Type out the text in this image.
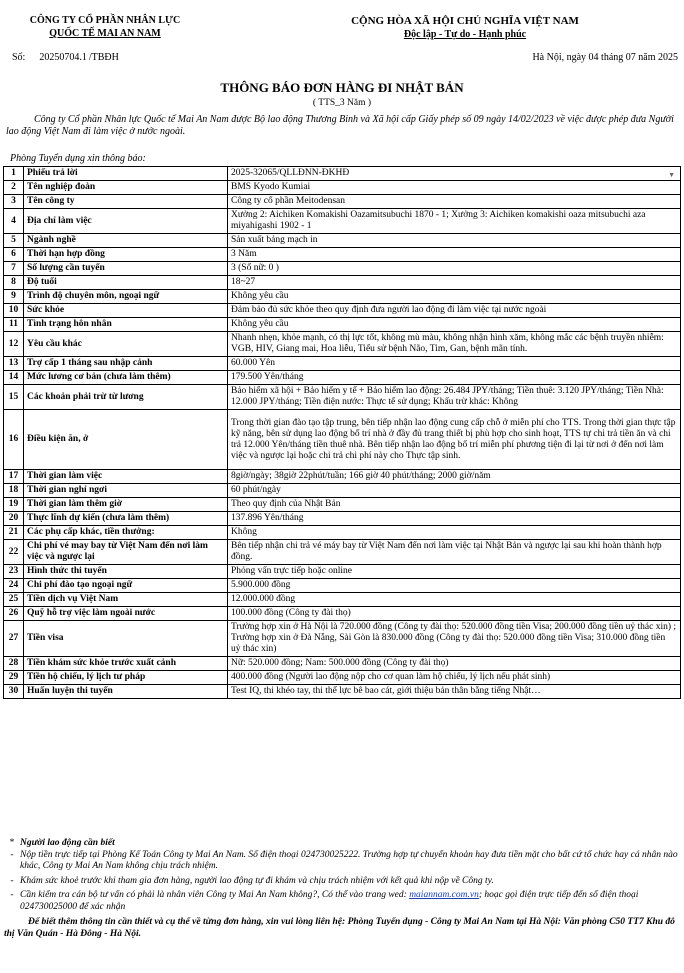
CÔNG TY CỔ PHẦN NHÂN LỰC
QUỐC TẾ MAI AN NAM
CỘNG HÒA XÃ HỘI CHỦ NGHĨA VIỆT NAM
Độc lập - Tự do - Hạnh phúc
Số: 20250704.1 /TBĐH	Hà Nội, ngày 04 tháng 07 năm 2025
THÔNG BÁO ĐƠN HÀNG ĐI NHẬT BẢN
( TTS_3 Năm )
Công ty Cổ phần Nhân lực Quốc tế Mai An Nam được Bộ lao động Thương Binh và Xã hội cấp Giấy phép số 09 ngày 14/02/2023 về việc được phép đưa Người lao động Việt Nam đi làm việc ở nước ngoài.
Phòng Tuyển dụng xin thông báo:
1	Phiếu trả lời	2025-32065/QLLĐNN-ĐKHĐ ▼

2	Tên nghiệp đoàn	BMS Kyodo Kumiai
3	Tên công ty	Công ty cổ phần Meitodensan
4	Địa chỉ làm việc	Xưởng 2: Aichiken Komakishi Oazamitsubuchi 1870 - 1; Xưởng 3: Aichiken komakishi oaza mitsubuchi aza miyahigashi 1902 - 1
5	Ngành nghề	Sản xuất bảng mạch in
6	Thời hạn hợp đồng	3 Năm
7	Số lượng cần tuyển	3 (Số nữ: 0 )
8	Độ tuổi	18~27
9	Trình độ chuyên môn, ngoại ngữ	Không yêu cầu
10	Sức khỏe	Đảm bảo đủ sức khỏe theo quy định đưa người lao động đi làm việc tại nước ngoài
11	Tình trạng hôn nhân	Không yêu cầu
12	Yêu cầu khác	Nhanh nhẹn, khỏe mạnh, có thị lực tốt, không mù màu, không nhận hình xăm, không mắc các bệnh truyền nhiễm: VGB, HIV, Giang mai, Hoa liễu, Tiểu sử bệnh Não, Tim, Gan, bệnh mãn tính.
13	Trợ cấp 1 tháng sau nhập cảnh	60.000 Yên
14	Mức lương cơ bản (chưa làm thêm)	179.500 Yên/tháng
15	Các khoản phải trừ từ lương	Bảo hiểm xã hội + Bảo hiểm y tế + Bảo hiểm lao động: 26.484 JPY/tháng; Tiền thuê: 3.120 JPY/tháng; Tiền Nhà: 12.000 JPY/tháng; Tiền điện nước: Thực tế sử dụng; Khấu trừ khác: Không
16	Điều kiện ăn, ở	Trong thời gian đào tạo tập trung, bên tiếp nhận lao động cung cấp chỗ ở miễn phí cho TTS. Trong thời gian thực tập kỹ năng, bên sử dụng lao động bố trí nhà ở đầy đủ trang thiết bị phù hợp cho sinh hoạt, TTS tự chi trả tiền ăn và chi trả 12.000 Yên/tháng tiền thuê nhà. Bên tiếp nhận lao động bố trí miễn phí phương tiện đi lại từ nơi ở đến nơi làm việc và ngược lại hoặc chi trả chi phí này cho Thực tập sinh.
17	Thời gian làm việc	8giờ/ngày; 38giờ 22phút/tuần; 166 giờ 40 phút/tháng; 2000 giờ/năm
18	Thời gian nghỉ ngơi	60 phút/ngày
19	Thời gian làm thêm giờ	Theo quy định của Nhật Bản
20	Thực lĩnh dự kiến (chưa làm thêm)	137.896 Yên/tháng
21	Các phụ cấp khác, tiền thưởng:	Không
22	Chi phí vé may bay từ Việt Nam đến nơi làm việc và ngược lại	Bên tiếp nhận chi trả vé máy bay từ Việt Nam đến nơi làm việc tại Nhật Bản và ngược lại sau khi hoàn thành hợp đồng.
23	Hình thức thi tuyển	Phỏng vấn trực tiếp hoặc online
24	Chi phí đào tạo ngoại ngữ	5.900.000 đồng
25	Tiền dịch vụ Việt Nam	12.000.000 đồng
26	Quỹ hỗ trợ việc làm ngoài nước	100.000 đồng (Công ty đài thọ)
27	Tiền visa	Trường hợp xin ở Hà Nội là 720.000 đồng (Công ty đài thọ: 520.000 đồng tiền Visa; 200.000 đồng tiền uỷ thác xin) ; Trường hợp xin ở Đà Nẵng, Sài Gòn là 830.000 đồng (Công ty đài thọ: 520.000 đồng tiền Visa; 310.000 đồng tiền uỷ thác xin)
28	Tiền khám sức khỏe trước xuất cảnh	Nữ: 520.000 đồng; Nam: 500.000 đồng (Công ty đài thọ)
29	Tiền hộ chiếu, lý lịch tư pháp	400.000 đồng (Người lao động nộp cho cơ quan làm hộ chiếu, lý lịch nếu phát sinh)
30	Huấn luyện thi tuyển	Test IQ, thi khéo tay, thi thể lực bê bao cát, giới thiệu bản thân bằng tiếng Nhật…
* Người lao động cần biết
- Nộp tiền trực tiếp tại Phòng Kế Toán Công ty Mai An Nam. Số điện thoại 024730025222. Trường hợp tự chuyển khoản hay đưa tiền mặt cho bất cứ tổ chức hay cá nhân nào khác, Công ty Mai An Nam không chịu trách nhiệm.
- Khám sức khoẻ trước khi tham gia đơn hàng, người lao động tự đi khám và chịu trách nhiệm với kết quả khi nộp về Công ty.
- Cần kiểm tra cán bộ tư vấn có phải là nhân viên Công ty Mai An Nam không?, Có thể vào trang wed: maiannam.com.vn; hoạc gọi điện trực tiếp đến số điện thoại 024730025000 để xác nhận
Để biết thêm thông tin cần thiết và cụ thể về từng đơn hàng, xin vui lòng liên hệ: Phòng Tuyển dụng - Công ty Mai An Nam tại Hà Nội: Văn phòng C50 TT7 Khu đô thị Văn Quán - Hà Đông - Hà Nội.
